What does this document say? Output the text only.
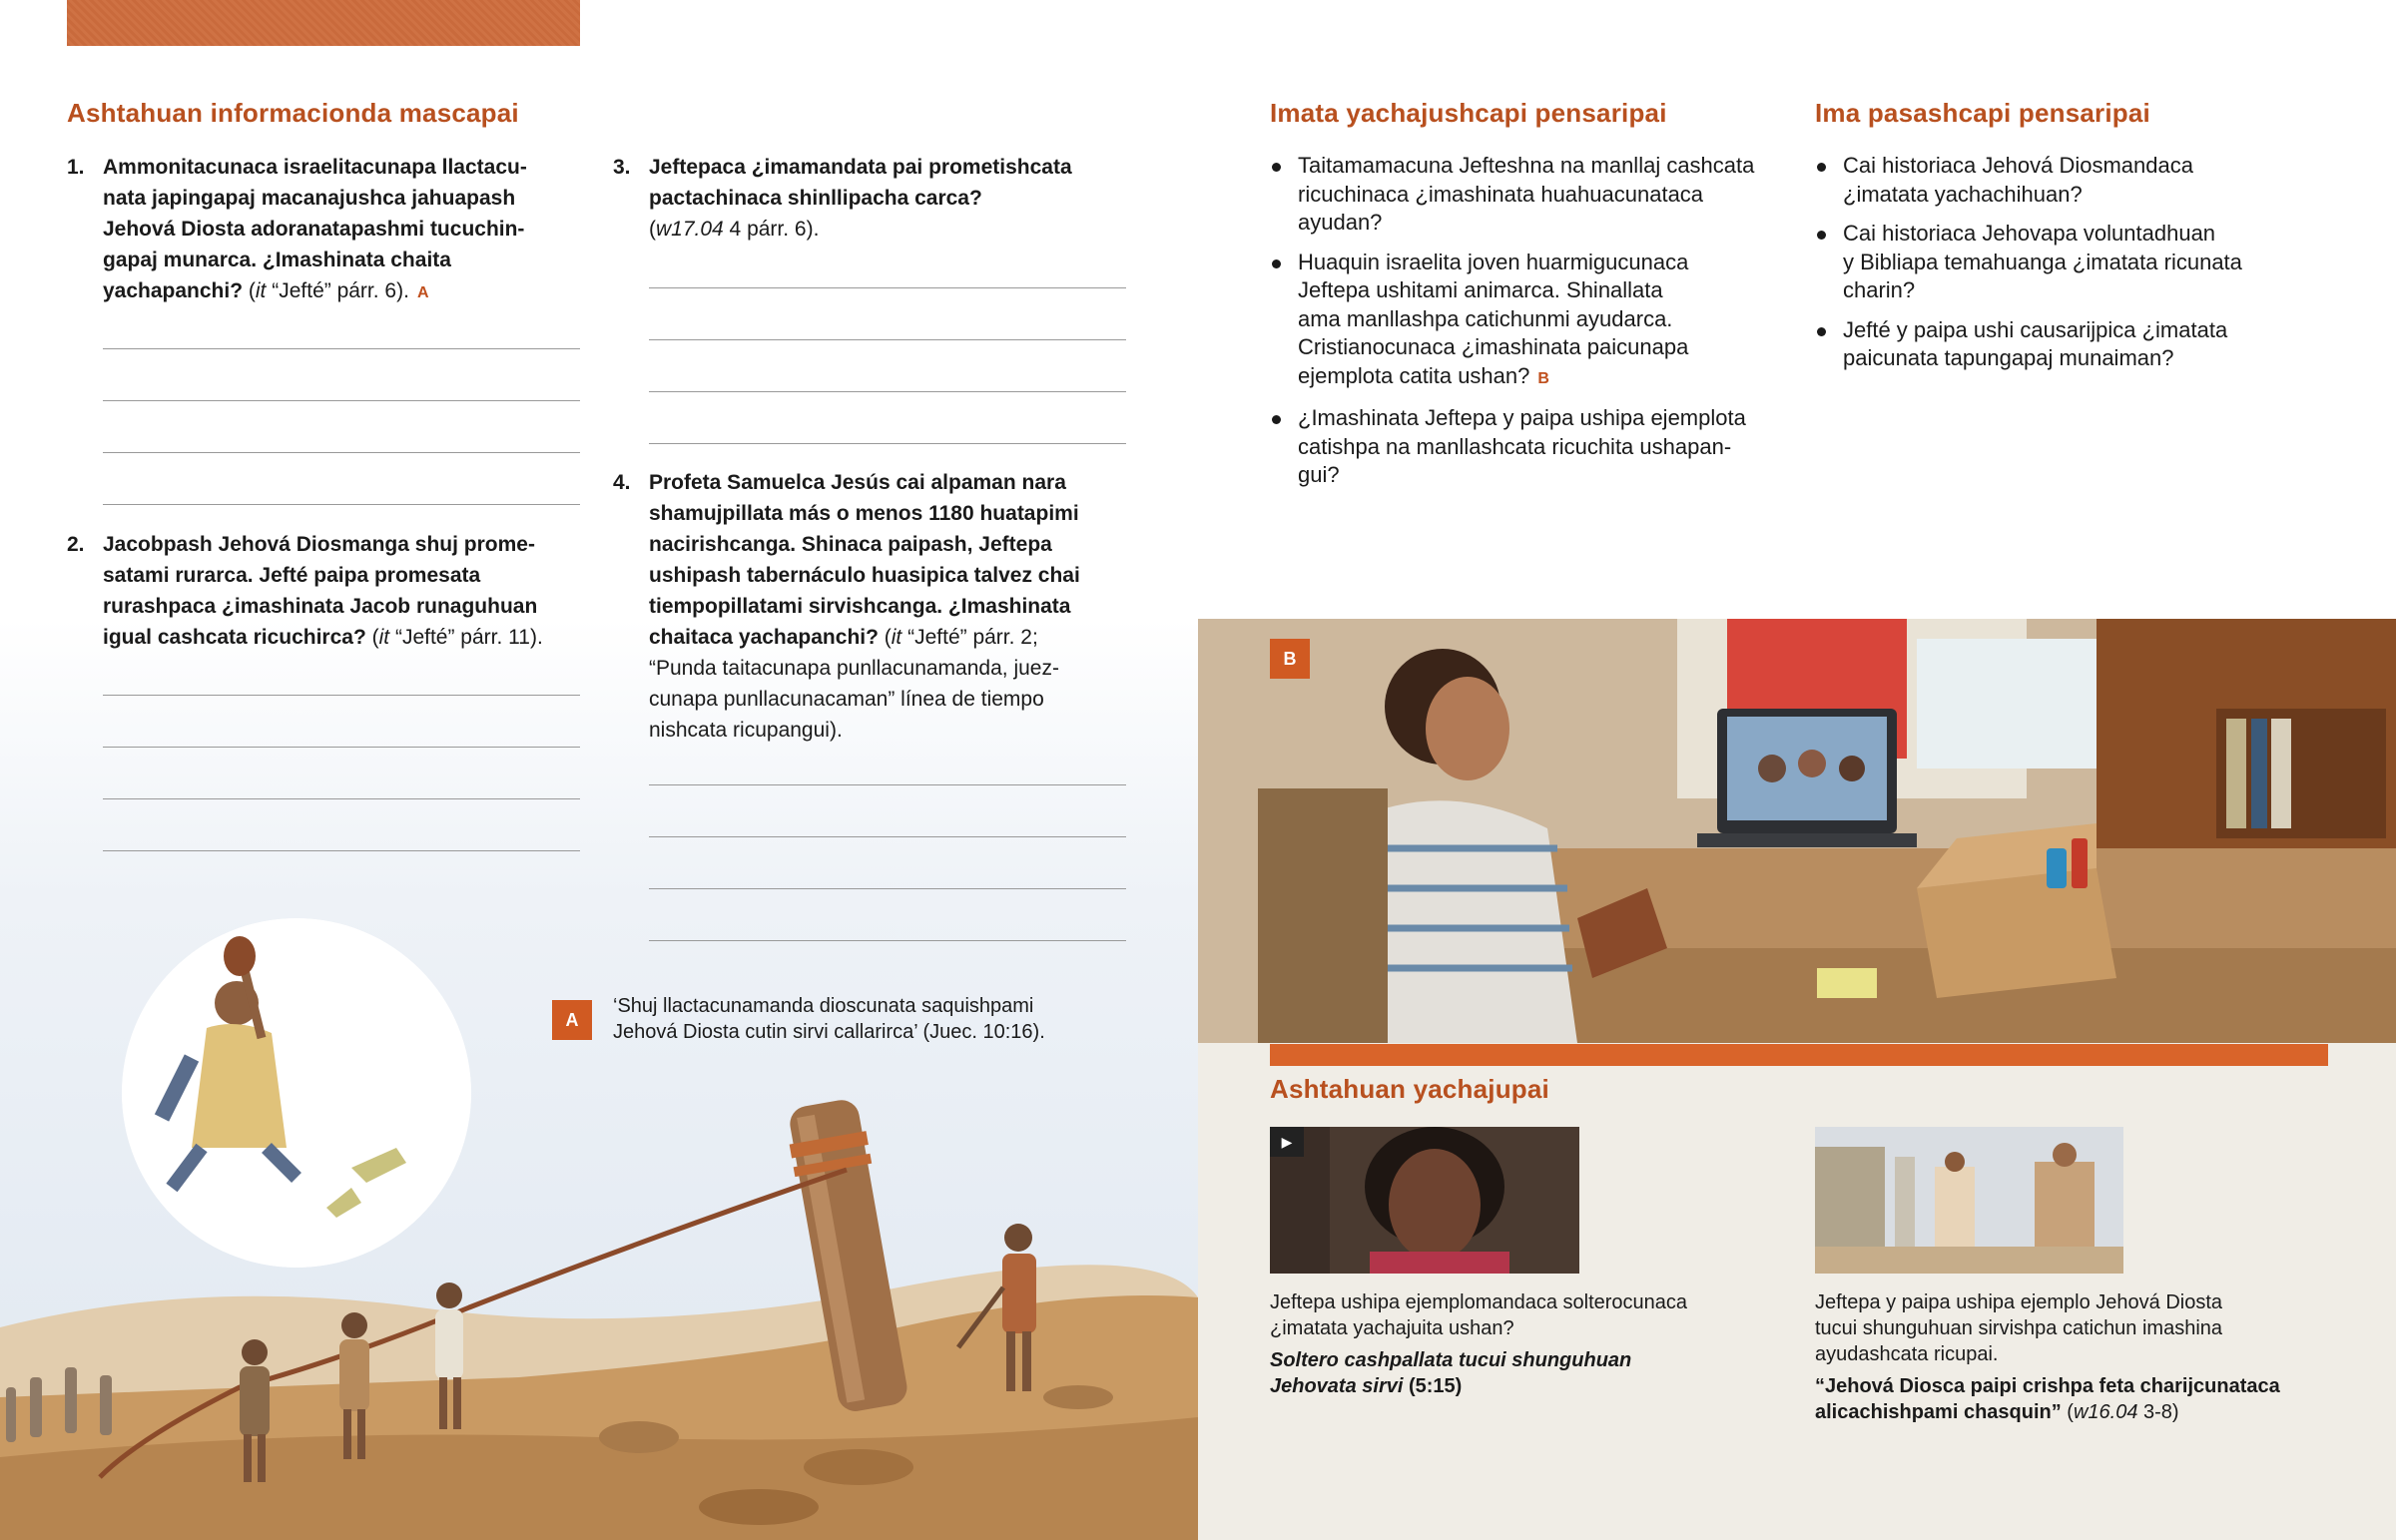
Ashtahuan informacionda mascapai
1. Ammonitacunaca israelitacunapa llactacu-
nata japingapaj macanajushca jahuapash
Jehová Diosta adoranatapashmi tucuchin-
gapaj munarca. ¿Imashinata chaita
yachapanchi? (it “Jefté” párr. 6). A
2. Jacobpash Jehová Diosmanga shuj prome-
satami rurarca. Jefté paipa promesata
rurashpaca ¿imashinata Jacob runaguhuan
igual cashcata ricuchirca? (it “Jefté” párr. 11).
3. Jeftepaca ¿imamandata pai prometishcata
pactachinaca shinllipacha carca?
(w17.04 4 párr. 6).
4. Profeta Samuelca Jesús cai alpaman nara
shamujpillata más o menos 1180 huatapimi
nacirishcanga. Shinaca paipash, Jeftepa
ushipash tabernáculo huasipica talvez chai
tiempopillatami sirvishcanga. ¿Imashinata
chaitaca yachapanchi? (it “Jefté” párr. 2;
“Punda taitacunapa punllacunamanda, juez-
cunapa punllacunacaman” línea de tiempo
nishcata ricupangui).
A
‘Shuj llactacunamanda dioscunata saquishpami
Jehová Diosta cutin sirvi callarirca’ (Juec. 10:16).
Imata yachajushcapi pensaripai
Taitamamacuna Jefteshna na manllaj cashcata
ricuchinaca ¿imashinata huahuacunataca
ayudan?
Huaquin israelita joven huarmigucunaca
Jeftepa ushitami animarca. Shinallata
ama manllashpa catichunmi ayudarca.
Cristianocunaca ¿imashinata paicunapa
ejemplota catita ushan? B
¿Imashinata Jeftepa y paipa ushipa ejemplota
catishpa na manllashcata ricuchita ushapan-
gui?
Ima pasashcapi pensaripai
Cai historiaca Jehová Diosmandaca
¿imatata yachachihuan?
Cai historiaca Jehovapa voluntadhuan
y Bibliapa temahuanga ¿imatata ricunata
charin?
Jefté y paipa ushi causarijpica ¿imatata
paicunata tapungapaj munaiman?
B
Ashtahuan yachajupai
▶
Jeftepa ushipa ejemplomandaca solterocunaca
¿imatata yachajuita ushan?
Soltero cashpallata tucui shunguhuan
Jehovata sirvi (5:15)
Jeftepa y paipa ushipa ejemplo Jehová Diosta
tucui shunguhuan sirvishpa catichun imashina
ayudashcata ricupai.
“Jehová Diosca paipi crishpa feta charijcunataca
alicachishpami chasquin” (w16.04 3-8)
